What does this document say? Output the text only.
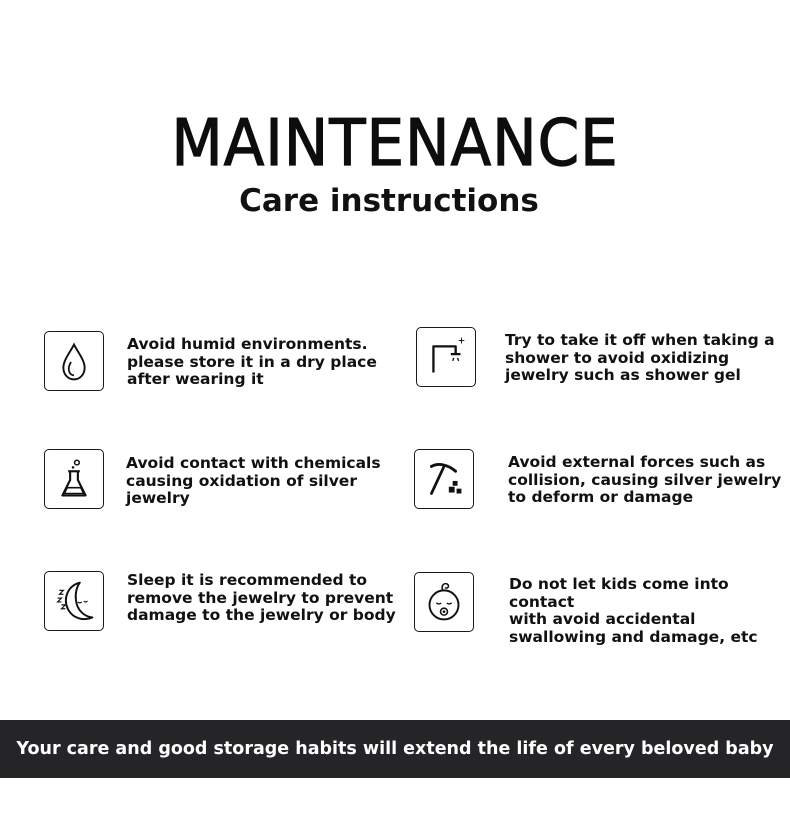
MAINTENANCE
Care instructions
Avoid humid environments.
please store it in a dry place
after wearing it
Try to take it off when taking a
shower to avoid oxidizing
jewelry such as shower gel
Avoid contact with chemicals
causing oxidation of silver
jewelry
Avoid external forces such as
collision, causing silver jewelry
to deform or damage
Sleep it is recommended to
remove the jewelry to prevent
damage to the jewelry or body
Do not let kids come into contact
with avoid accidental
swallowing and damage, etc
Your care and good storage habits will extend the life of every beloved baby
